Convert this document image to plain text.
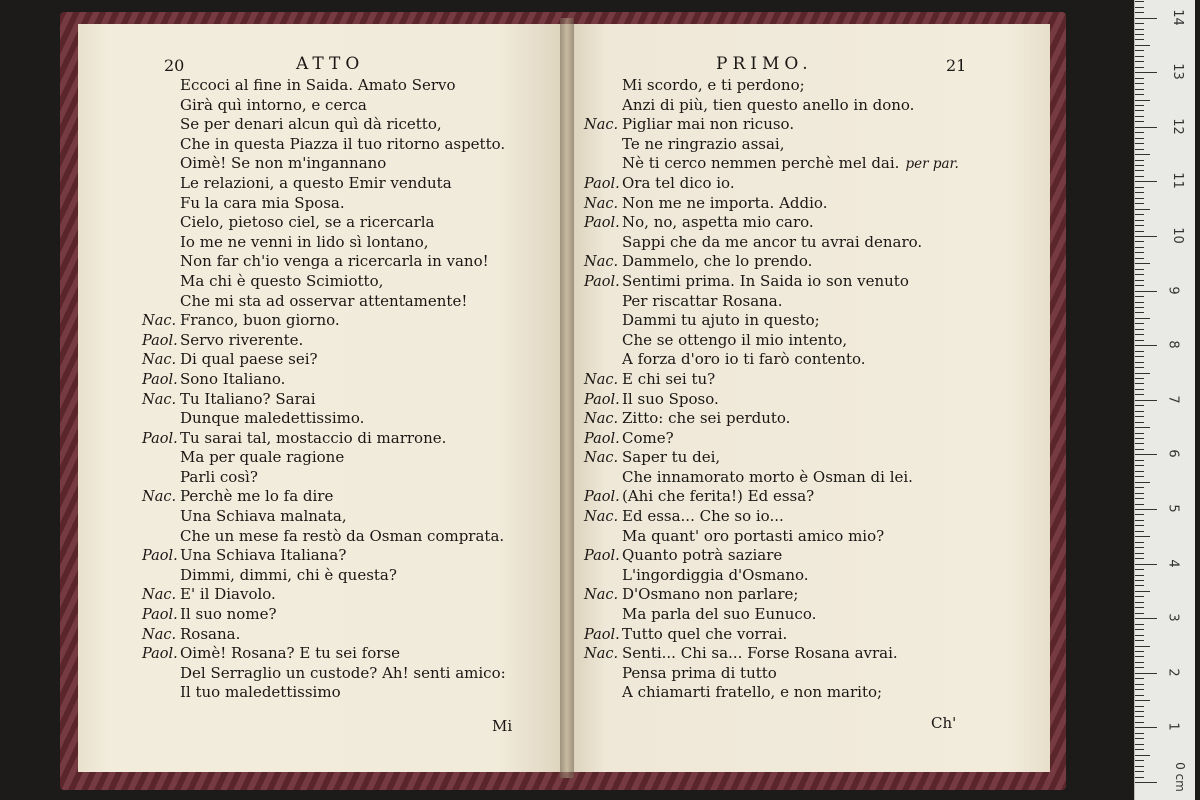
20	ATTO
Eccoci al fine in Saida. Amato Servo
Girà quì intorno, e cerca
Se per denari alcun quì dà ricetto,
Che in questa Piazza il tuo ritorno aspetto.
Oimè! Se non m'ingannano
Le relazioni, a questo Emir venduta
Fu la cara mia Sposa.
Cielo, pietoso ciel, se a ricercarla
Io me ne venni in lido sì lontano,
Non far ch'io venga a ricercarla in vano!
Ma chi è questo Scimiotto,
Che mi sta ad osservar attentamente!
Nac. Franco, buon giorno.
Paol. Servo riverente.
Nac. Di qual paese sei?
Paol. Sono Italiano.
Nac. Tu Italiano? Sarai
Dunque maledettissimo.
Paol. Tu sarai tal, mostaccio di marrone.
Ma per quale ragione
Parli così?
Nac. Perchè me lo fa dire
Una Schiava malnata,
Che un mese fa restò da Osman comprata.
Paol. Una Schiava Italiana?
Dimmi, dimmi, chi è questa?
Nac. E' il Diavolo.
Paol. Il suo nome?
Nac. Rosana.
Paol. Oimè! Rosana? E tu sei forse
Del Serraglio un custode? Ah! senti amico:
Il tuo maledettissimo
Mi
PRIMO.	21
Mi scordo, e ti perdono;
Anzi di più, tien questo anello in dono.
Nac. Pigliar mai non ricuso.
Te ne ringrazio assai,
Nè ti cerco nemmen perchè mel dai. per par.
Paol. Ora tel dico io.
Nac. Non me ne importa. Addio.
Paol. No, no, aspetta mio caro.
Sappi che da me ancor tu avrai denaro.
Nac. Dammelo, che lo prendo.
Paol. Sentimi prima. In Saida io son venuto
Per riscattar Rosana.
Dammi tu ajuto in questo;
Che se ottengo il mio intento,
A forza d'oro io ti farò contento.
Nac. E chi sei tu?
Paol. Il suo Sposo.
Nac. Zitto: che sei perduto.
Paol. Come?
Nac. Saper tu dei,
Che innamorato morto è Osman di lei.
Paol. (Ahi che ferita!) Ed essa?
Nac. Ed essa... Che so io...
Ma quant' oro portasti amico mio?
Paol. Quanto potrà saziare
L'ingordiggia d'Osmano.
Nac. D'Osmano non parlare;
Ma parla del suo Eunuco.
Paol. Tutto quel che vorrai.
Nac. Senti... Chi sa... Forse Rosana avrai.
Pensa prima di tutto
A chiamarti fratello, e non marito;
Ch'
0 cm
14
13
12
11
10
9
8
7
6
5
4
3
2
1
